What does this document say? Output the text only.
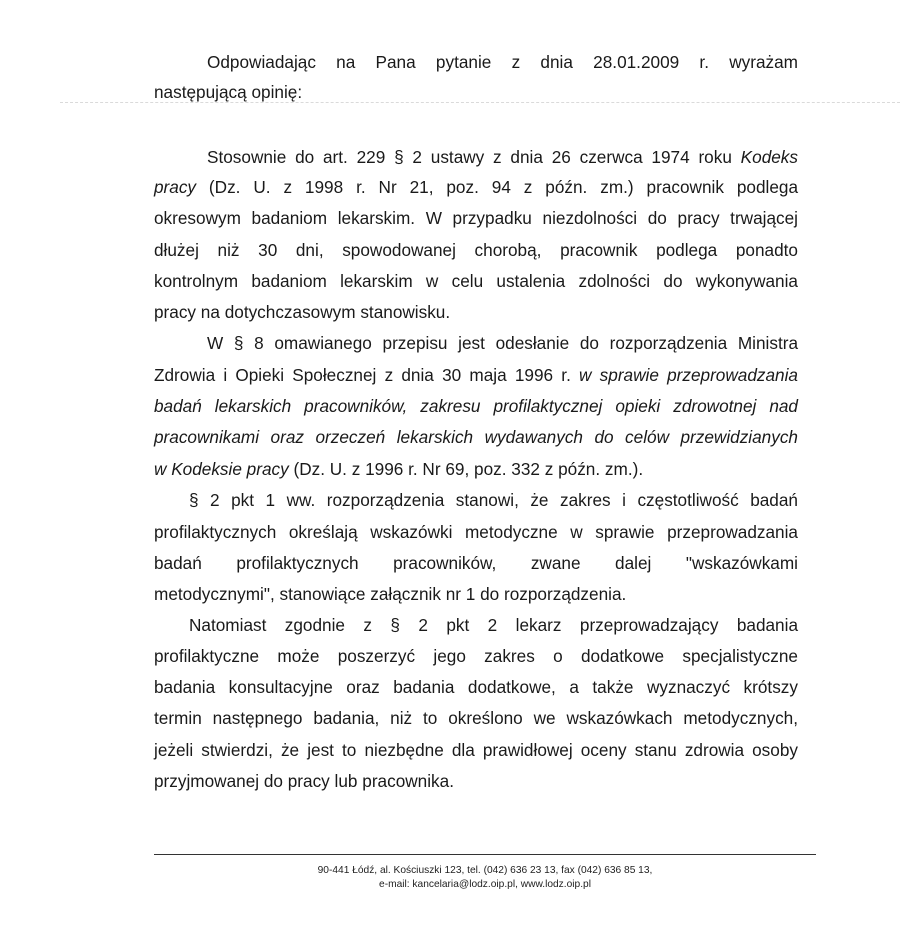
Odpowiadając na Pana pytanie z dnia 28.01.2009 r. wyrażam
następującą opinię:
Stosownie do art. 229 § 2 ustawy z dnia 26 czerwca 1974 roku Kodeks
pracy (Dz. U. z 1998 r. Nr 21, poz. 94 z późn. zm.) pracownik podlega
okresowym badaniom lekarskim. W przypadku niezdolności do pracy trwającej
dłużej niż 30 dni, spowodowanej chorobą, pracownik podlega ponadto
kontrolnym badaniom lekarskim w celu ustalenia zdolności do wykonywania
pracy na dotychczasowym stanowisku.
W § 8 omawianego przepisu jest odesłanie do rozporządzenia Ministra
Zdrowia i Opieki Społecznej z dnia 30 maja 1996 r. w sprawie przeprowadzania
badań lekarskich pracowników, zakresu profilaktycznej opieki zdrowotnej nad
pracownikami oraz orzeczeń lekarskich wydawanych do celów przewidzianych
w Kodeksie pracy (Dz. U. z 1996 r. Nr 69, poz. 332 z późn. zm.).
§ 2 pkt 1 ww. rozporządzenia stanowi, że zakres i częstotliwość badań
profilaktycznych określają wskazówki metodyczne w sprawie przeprowadzania
badań profilaktycznych pracowników, zwane dalej "wskazówkami
metodycznymi", stanowiące załącznik nr 1 do rozporządzenia.
Natomiast zgodnie z § 2 pkt 2 lekarz przeprowadzający badania
profilaktyczne może poszerzyć jego zakres o dodatkowe specjalistyczne
badania konsultacyjne oraz badania dodatkowe, a także wyznaczyć krótszy
termin następnego badania, niż to określono we wskazówkach metodycznych,
jeżeli stwierdzi, że jest to niezbędne dla prawidłowej oceny stanu zdrowia osoby
przyjmowanej do pracy lub pracownika.
90-441 Łódź, al. Kościuszki 123, tel. (042) 636 23 13, fax (042) 636 85 13,
e-mail: kancelaria@lodz.oip.pl, www.lodz.oip.pl
